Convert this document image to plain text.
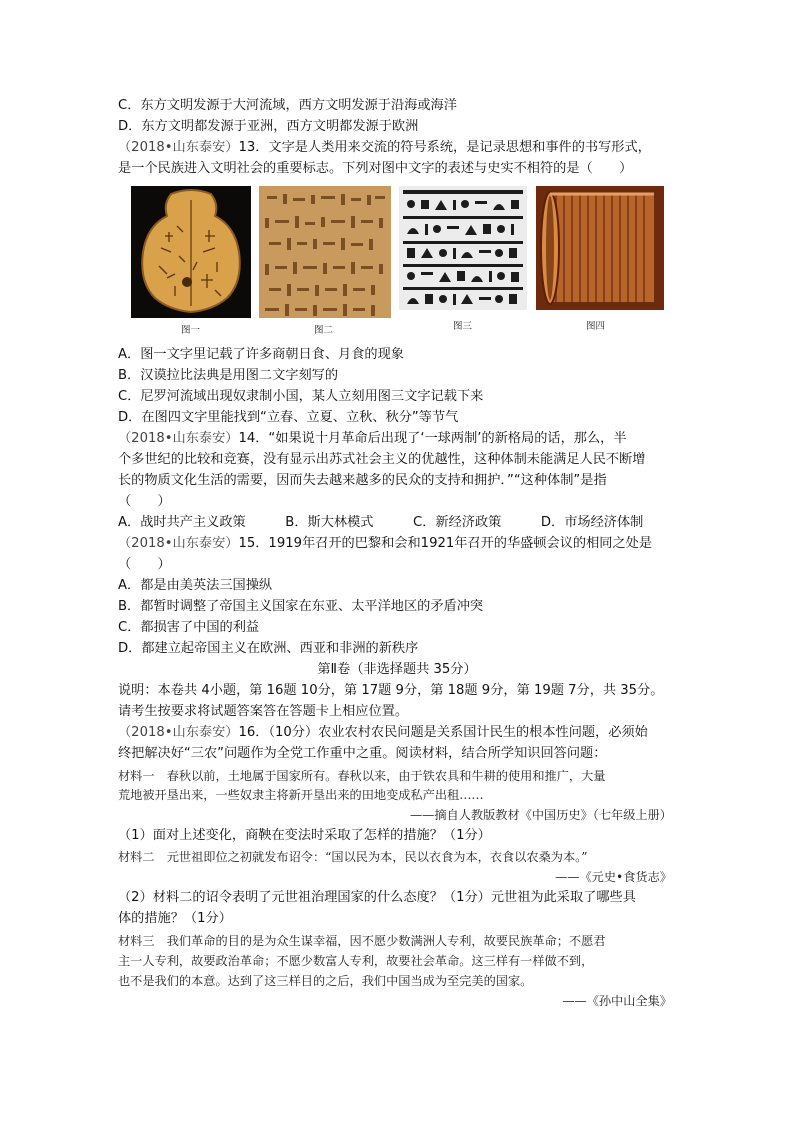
C．东方文明发源于大河流域，西方文明发源于沿海或海洋
D．东方文明都发源于亚洲，西方文明都发源于欧洲
（2018•山东泰安）13．文字是人类用来交流的符号系统，是记录思想和事件的书写形式，
是一个民族进入文明社会的重要标志。下列对图中文字的表述与史实不相符的是（　　）
图一	图二	图三	图四
A．图一文字里记载了许多商朝日食、月食的现象
B．汉谟拉比法典是用图二文字刻写的
C．尼罗河流域出现奴隶制小国，某人立刻用图三文字记载下来
D．在图四文字里能找到“立春、立夏、立秋、秋分”等节气
（2018•山东泰安）14．“如果说十月革命后出现了‘一球两制’的新格局的话，那么，半
个多世纪的比较和竞赛，没有显示出苏式社会主义的优越性，这种体制未能满足人民不断增
长的物质文化生活的需要，因而失去越来越多的民众的支持和拥护．”“这种体制”是指
（　　）
A．战时共产主义政策　　　B．斯大林模式　　　C．新经济政策　　　D．市场经济体制
（2018•山东泰安）15．1919年召开的巴黎和会和1921年召开的华盛顿会议的相同之处是
（　　）
A．都是由美英法三国操纵
B．都暂时调整了帝国主义国家在东亚、太平洋地区的矛盾冲突
C．都损害了中国的利益
D．都建立起帝国主义在欧洲、西亚和非洲的新秩序
第Ⅱ卷（非选择题共 35分）
说明：本卷共 4小题，第 16题 10分，第 17题 9分，第 18题 9分，第 19题 7分，共 35分。
请考生按要求将试题答案答在答题卡上相应位置。
（2018•山东泰安）16．（10分）农业农村农民问题是关系国计民生的根本性问题，必须始
终把解决好“三农”问题作为全党工作重中之重。阅读材料，结合所学知识回答问题：
材料一　春秋以前，土地属于国家所有。春秋以来，由于铁农具和牛耕的使用和推广，大量
荒地被开垦出来，一些奴隶主将新开垦出来的田地变成私产出租……
——摘自人教版教材《中国历史》（七年级上册）
（1）面对上述变化，商鞅在变法时采取了怎样的措施？（1分）
材料二　元世祖即位之初就发布诏令：“国以民为本，民以衣食为本，衣食以农桑为本。”
——《元史•食货志》
（2）材料二的诏令表明了元世祖治理国家的什么态度？（1分）元世祖为此采取了哪些具
体的措施？（1分）
材料三　我们革命的目的是为众生谋幸福，因不愿少数满洲人专利，故要民族革命；不愿君
主一人专利，故要政治革命；不愿少数富人专利，故要社会革命。这三样有一样做不到，
也不是我们的本意。达到了这三样目的之后，我们中国当成为至完美的国家。
——《孙中山全集》
